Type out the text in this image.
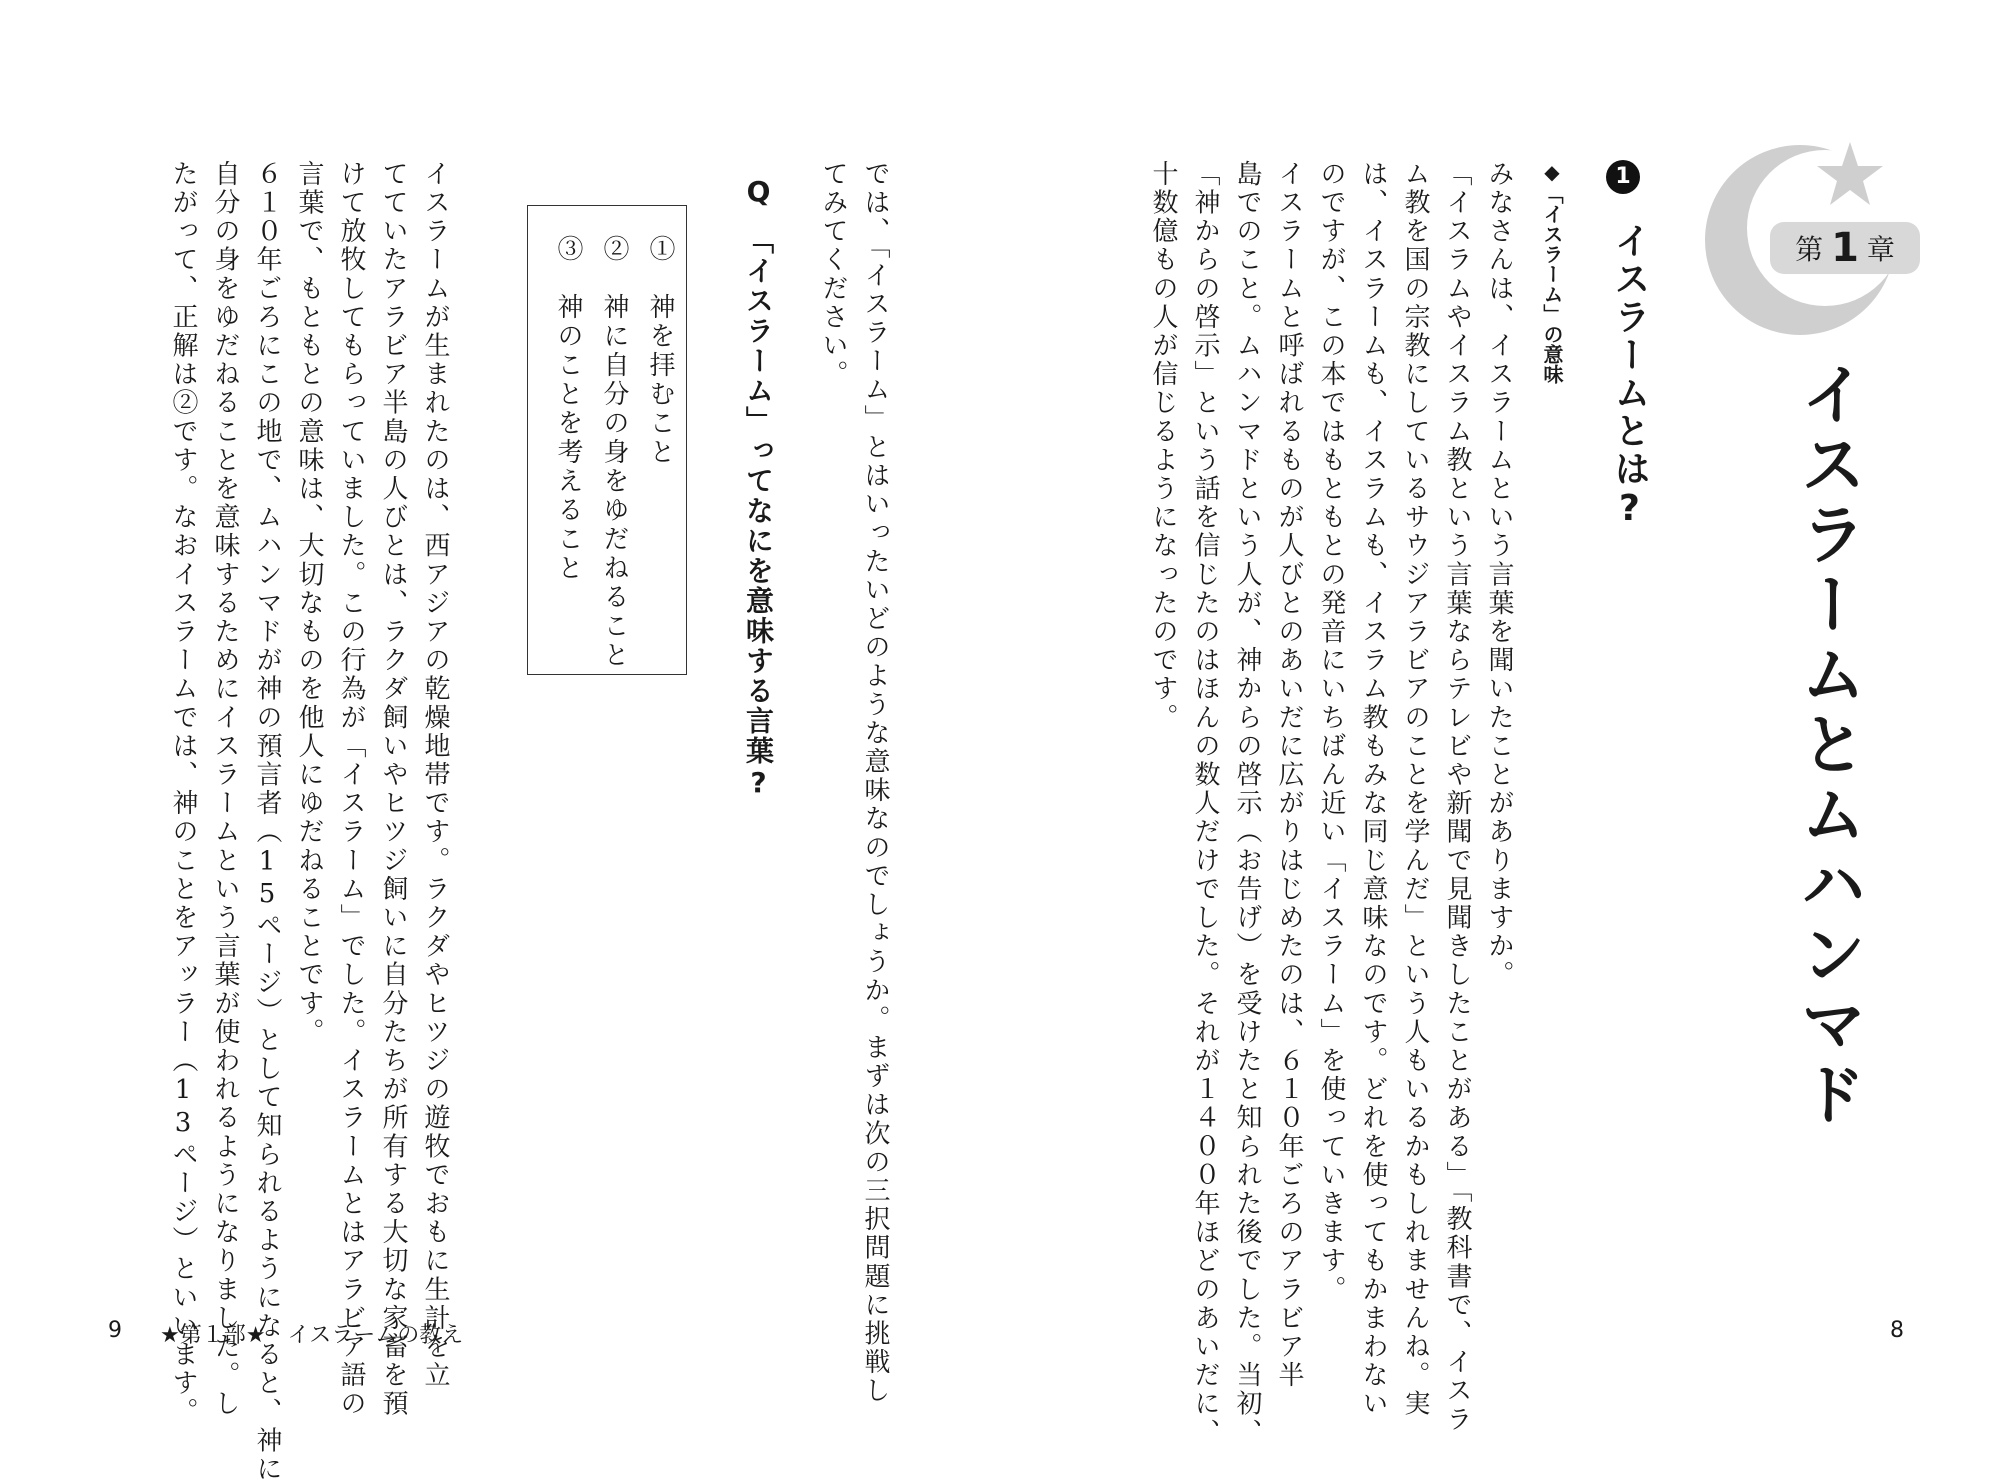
第 1 章
イスラームとムハンマド
1
イスラームとは?
◆「イスラーム」の意味
みなさんは、イスラームという言葉を聞いたことがありますか。
「イスラムやイスラム教という言葉ならテレビや新聞で見聞きしたことがある」「教科書で、イスラ
ム教を国の宗教にしているサウジアラビアのことを学んだ」という人もいるかもしれませんね。実
は、イスラームも、イスラムも、イスラム教もみな同じ意味なのです。どれを使ってもかまわない
のですが、この本ではもともとの発音にいちばん近い「イスラーム」を使っていきます。
イスラームと呼ばれるものが人びとのあいだに広がりはじめたのは、６１０年ごろのアラビア半
島でのこと。ムハンマドという人が、神からの啓示（お告げ）を受けたと知られた後でした。当初、
「神からの啓示」という話を信じたのはほんの数人だけでした。それが１４００年ほどのあいだに、
十数億もの人が信じるようになったのです。
8
では、「イスラーム」とはいったいどのような意味なのでしょうか。まずは次の三択問題に挑戦し
てみてください。
Q　「イスラーム」ってなにを意味する言葉?
①　神を拝むこと
②　神に自分の身をゆだねること
③　神のことを考えること
イスラームが生まれたのは、西アジアの乾燥地帯です。ラクダやヒツジの遊牧でおもに生計を立
てていたアラビア半島の人びとは、ラクダ飼いやヒツジ飼いに自分たちが所有する大切な家畜を預
けて放牧してもらっていました。この行為が「イスラーム」でした。イスラームとはアラビア語の
言葉で、もともとの意味は、大切なものを他人にゆだねることです。
６１０年ごろにこの地で、ムハンマドが神の預言者（15ページ）として知られるようになると、神に
自分の身をゆだねることを意味するためにイスラームという言葉が使われるようになりました。し
たがって、正解は②です。なおイスラームでは、神のことをアッラー（13ページ）といいます。
9 ★第１部★　イスラームの教え
